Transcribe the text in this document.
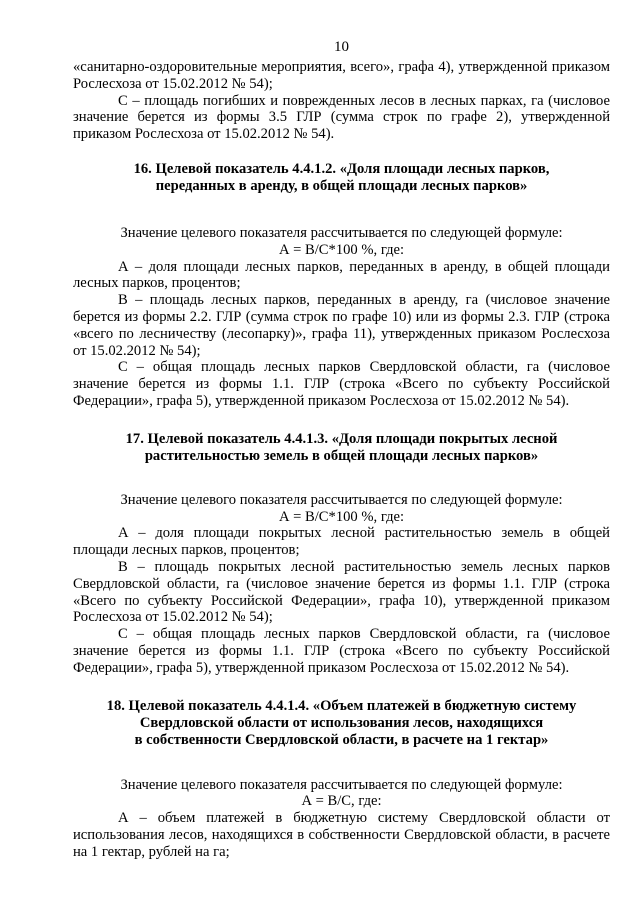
10

«санитарно-оздоровительные мероприятия, всего», графа 4), утвержденной приказом Рослесхоза от 15.02.2012 № 54);

С – площадь погибших и поврежденных лесов в лесных парках, га (числовое значение берется из формы 3.5 ГЛР (сумма строк по графе 2), утвержденной приказом Рослесхоза от 15.02.2012 № 54).

16. Целевой показатель 4.4.1.2. «Доля площади лесных парков,
переданных в аренду, в общей площади лесных парков»

Значение целевого показателя рассчитывается по следующей формуле:

А = В/С*100 %, где:

А – доля площади лесных парков, переданных в аренду, в общей площади лесных парков, процентов;

В – площадь лесных парков, переданных в аренду, га (числовое значение берется из формы 2.2. ГЛР (сумма строк по графе 10) или из формы 2.3. ГЛР (строка «всего по лесничеству (лесопарку)», графа 11), утвержденных приказом Рослесхоза от 15.02.2012 № 54);

С – общая площадь лесных парков Свердловской области, га (числовое значение берется из формы 1.1. ГЛР (строка «Всего по субъекту Российской Федерации», графа 5), утвержденной приказом Рослесхоза от 15.02.2012 № 54).

17. Целевой показатель 4.4.1.3. «Доля площади покрытых лесной
растительностью земель в общей площади лесных парков»

Значение целевого показателя рассчитывается по следующей формуле:

А = В/С*100 %, где:

А – доля площади покрытых лесной растительностью земель в общей площади лесных парков, процентов;

В – площадь покрытых лесной растительностью земель лесных парков Свердловской области, га (числовое значение берется из формы 1.1. ГЛР (строка «Всего по субъекту Российской Федерации», графа 10), утвержденной приказом Рослесхоза от 15.02.2012 № 54);

С – общая площадь лесных парков Свердловской области, га (числовое значение берется из формы 1.1. ГЛР (строка «Всего по субъекту Российской Федерации», графа 5), утвержденной приказом Рослесхоза от 15.02.2012 № 54).

18. Целевой показатель 4.4.1.4. «Объем платежей в бюджетную систему
Свердловской области от использования лесов, находящихся
в собственности Свердловской области, в расчете на 1 гектар»

Значение целевого показателя рассчитывается по следующей формуле:

А = В/С, где:

А – объем платежей в бюджетную систему Свердловской области от использования лесов, находящихся в собственности Свердловской области, в расчете на 1 гектар, рублей на га;
